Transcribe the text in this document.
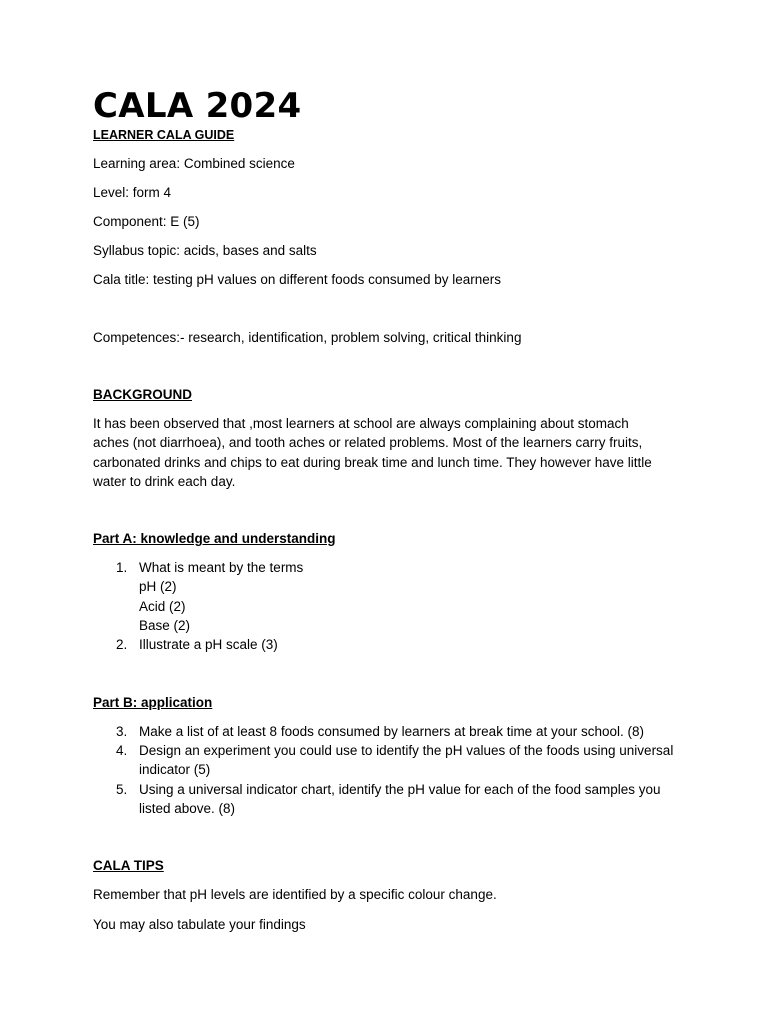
CALA 2024
LEARNER CALA GUIDE

Learning area: Combined science

Level: form 4

Component: E (5)

Syllabus topic: acids, bases and salts

Cala title: testing pH values on different foods consumed by learners

Competences:- research, identification, problem solving, critical thinking

BACKGROUND

It has been observed that ,most learners at school are always complaining about stomach aches (not diarrhoea), and tooth aches or related problems. Most of the learners carry fruits, carbonated drinks and chips to eat during break time and lunch time. They however have little water to drink each day.

Part A: knowledge and understanding
1. What is meant by the terms
pH (2)
Acid (2)
Base (2)
2. Illustrate a pH scale (3)
Part B: application
3. Make a list of at least 8 foods consumed by learners at break time at your school. (8)
4. Design an experiment you could use to identify the pH values of the foods using universal indicator (5)
5. Using a universal indicator chart, identify the pH value for each of the food samples you listed above. (8)
CALA TIPS

Remember that pH levels are identified by a specific colour change.

You may also tabulate your findings
